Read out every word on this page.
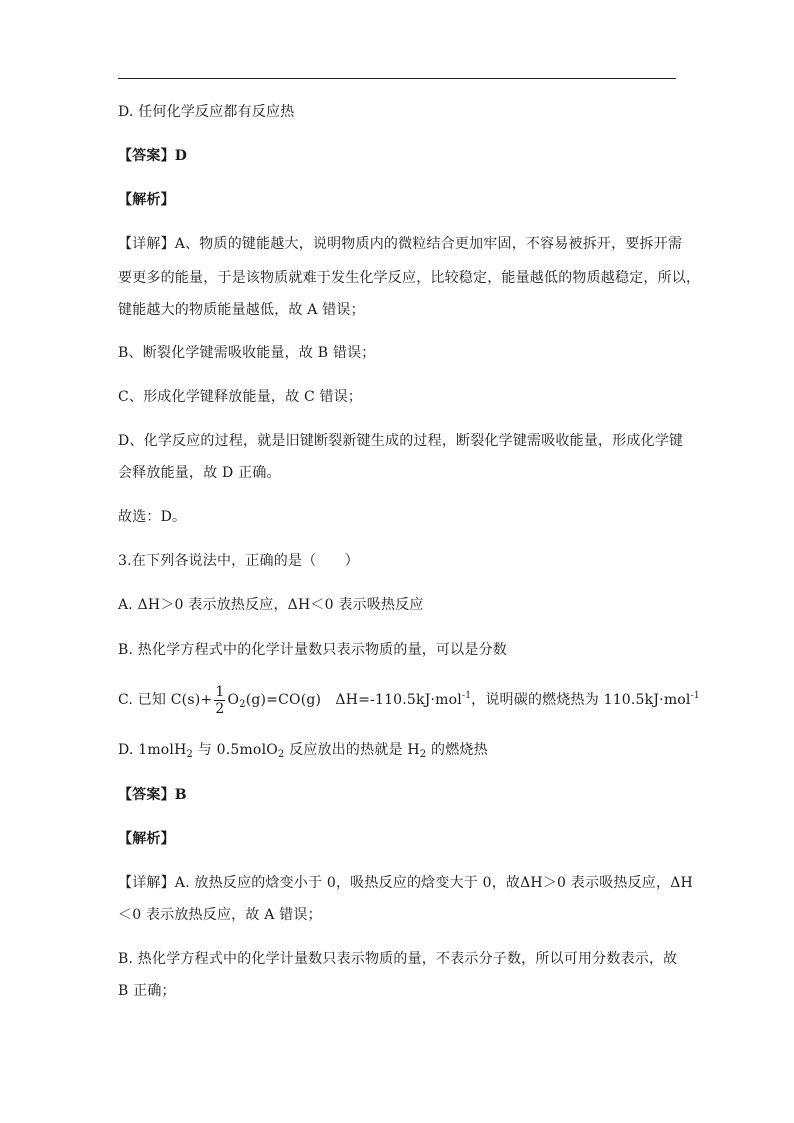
D. 任何化学反应都有反应热
【答案】D
【解析】
【详解】A、物质的键能越大，说明物质内的微粒结合更加牢固，不容易被拆开，要拆开需
要更多的能量，于是该物质就难于发生化学反应，比较稳定，能量越低的物质越稳定，所以，
键能越大的物质能量越低，故 A 错误；
B、断裂化学键需吸收能量，故 B 错误；
C、形成化学键释放能量，故 C 错误；
D、化学反应的过程，就是旧键断裂新键生成的过程，断裂化学键需吸收能量，形成化学键
会释放能量，故 D 正确。
故选：D。
3.在下列各说法中，正确的是（　　）
A. ΔH＞0 表示放热反应，ΔH＜0 表示吸热反应
B. 热化学方程式中的化学计量数只表示物质的量，可以是分数
C. 已知 $C(s)+ \frac{1}{2} O_2(g)=CO(g)$　ΔH=-110.5kJ·mol$^{-1}$，说明碳的燃烧热为 110.5kJ·mol$^{-1}$
D. 1molH$_2$ 与 0.5molO$_2$ 反应放出的热就是 $H_2$ 的燃烧热
【答案】B
【解析】
【详解】A. 放热反应的焓变小于 0，吸热反应的焓变大于 0，故ΔH＞0 表示吸热反应，ΔH
＜0 表示放热反应，故 A 错误；
B. 热化学方程式中的化学计量数只表示物质的量，不表示分子数，所以可用分数表示，故
B 正确；
